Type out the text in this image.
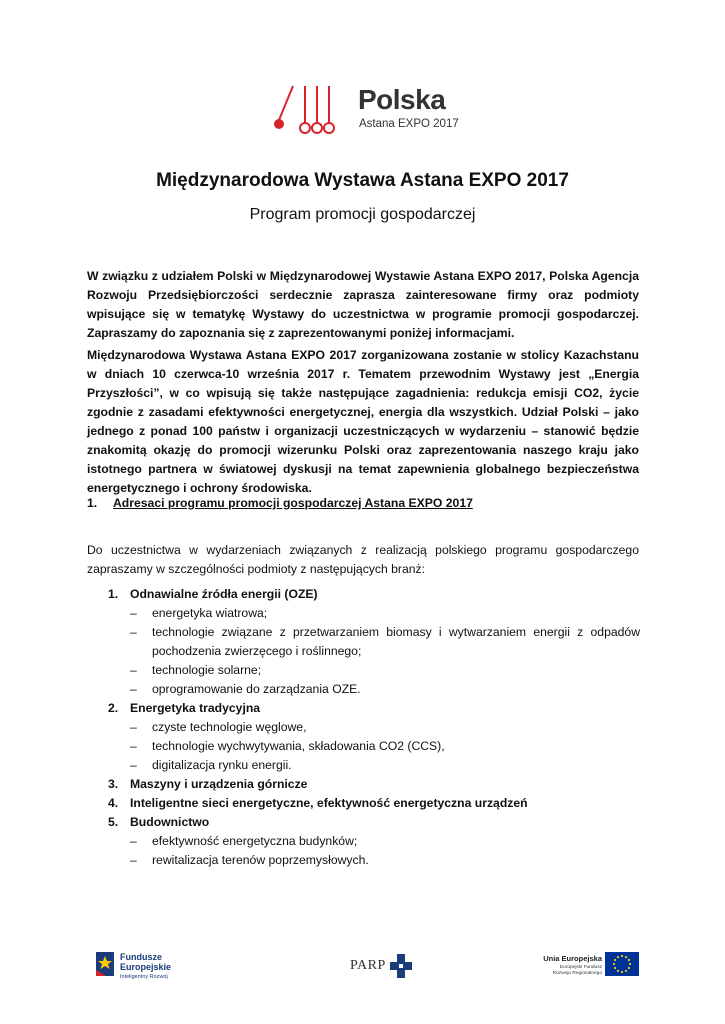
Polska
Astana EXPO 2017
Międzynarodowa Wystawa Astana EXPO 2017
Program promocji gospodarczej

W związku z udziałem Polski w Międzynarodowej Wystawie Astana EXPO 2017, Polska Agencja Rozwoju Przedsiębiorczości serdecznie zaprasza zainteresowane firmy oraz podmioty wpisujące się w tematykę Wystawy do uczestnictwa w programie promocji gospodarczej. Zapraszamy do zapoznania się z zaprezentowanymi poniżej informacjami.

Międzynarodowa Wystawa Astana EXPO 2017 zorganizowana zostanie w stolicy Kazachstanu w dniach 10 czerwca-10 września 2017 r. Tematem przewodnim Wystawy jest „Energia Przyszłości”, w co wpisują się także następujące zagadnienia: redukcja emisji CO2, życie zgodnie z zasadami efektywności energetycznej, energia dla wszystkich. Udział Polski – jako jednego z ponad 100 państw i organizacji uczestniczących w wydarzeniu – stanowić będzie znakomitą okazję do promocji wizerunku Polski oraz zaprezentowania naszego kraju jako istotnego partnera w światowej dyskusji na temat zapewnienia globalnego bezpieczeństwa energetycznego i ochrony środowiska.

1. Adresaci programu promocji gospodarczej Astana EXPO 2017

Do uczestnictwa w wydarzeniach związanych z realizacją polskiego programu gospodarczego zapraszamy w szczególności podmioty z następujących branż:

1. Odnawialne źródła energii (OZE)
– energetyka wiatrowa;
– technologie związane z przetwarzaniem biomasy i wytwarzaniem energii z odpadów pochodzenia zwierzęcego i roślinnego;
– technologie solarne;
– oprogramowanie do zarządzania OZE.
2. Energetyka tradycyjna
– czyste technologie węglowe,
– technologie wychwytywania, składowania CO2 (CCS),
– digitalizacja rynku energii.
3. Maszyny i urządzenia górnicze
4. Inteligentne sieci energetyczne, efektywność energetyczna urządzeń
5. Budownictwo
– efektywność energetyczna budynków;
– rewitalizacja terenów poprzemysłowych.
Fundusze
Europejskie
Inteligentny Rozwój
PARP	Unia Europejska
Europejski Fundusz
Rozwoju Regionalnego
